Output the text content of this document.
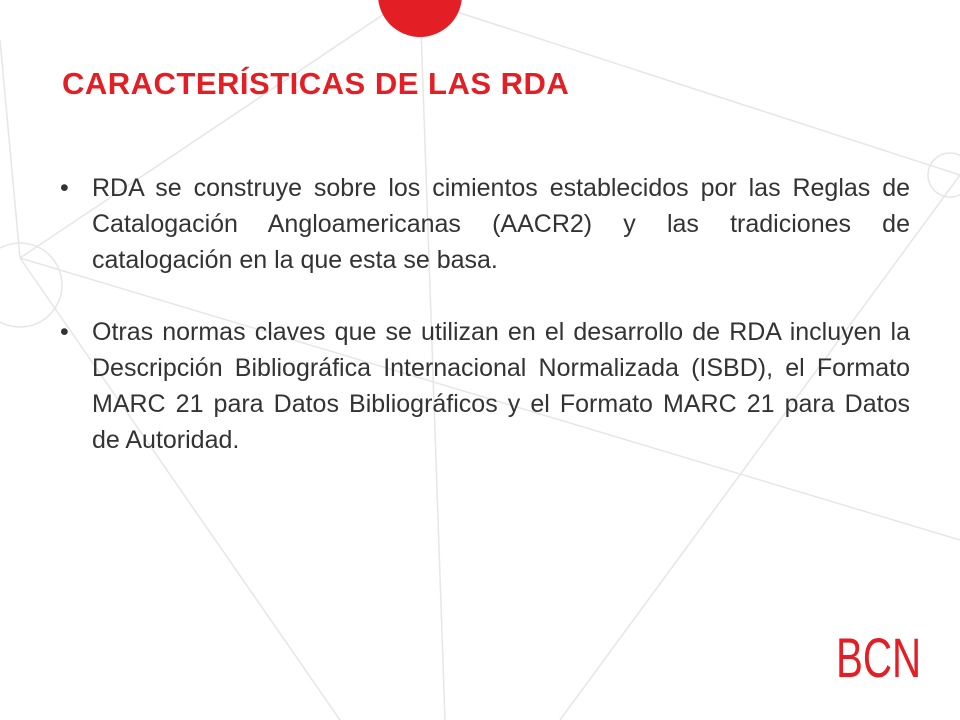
CARACTERÍSTICAS DE LAS RDA
• RDA se construye sobre los cimientos establecidos por las Reglas de Catalogación Angloamericanas (AACR2) y las tradiciones de catalogación en la que esta se basa.
• Otras normas claves que se utilizan en el desarrollo de RDA incluyen la Descripción Bibliográfica Internacional Normalizada (ISBD), el Formato MARC 21 para Datos Bibliográficos y el Formato MARC 21 para Datos de Autoridad.
BCN
